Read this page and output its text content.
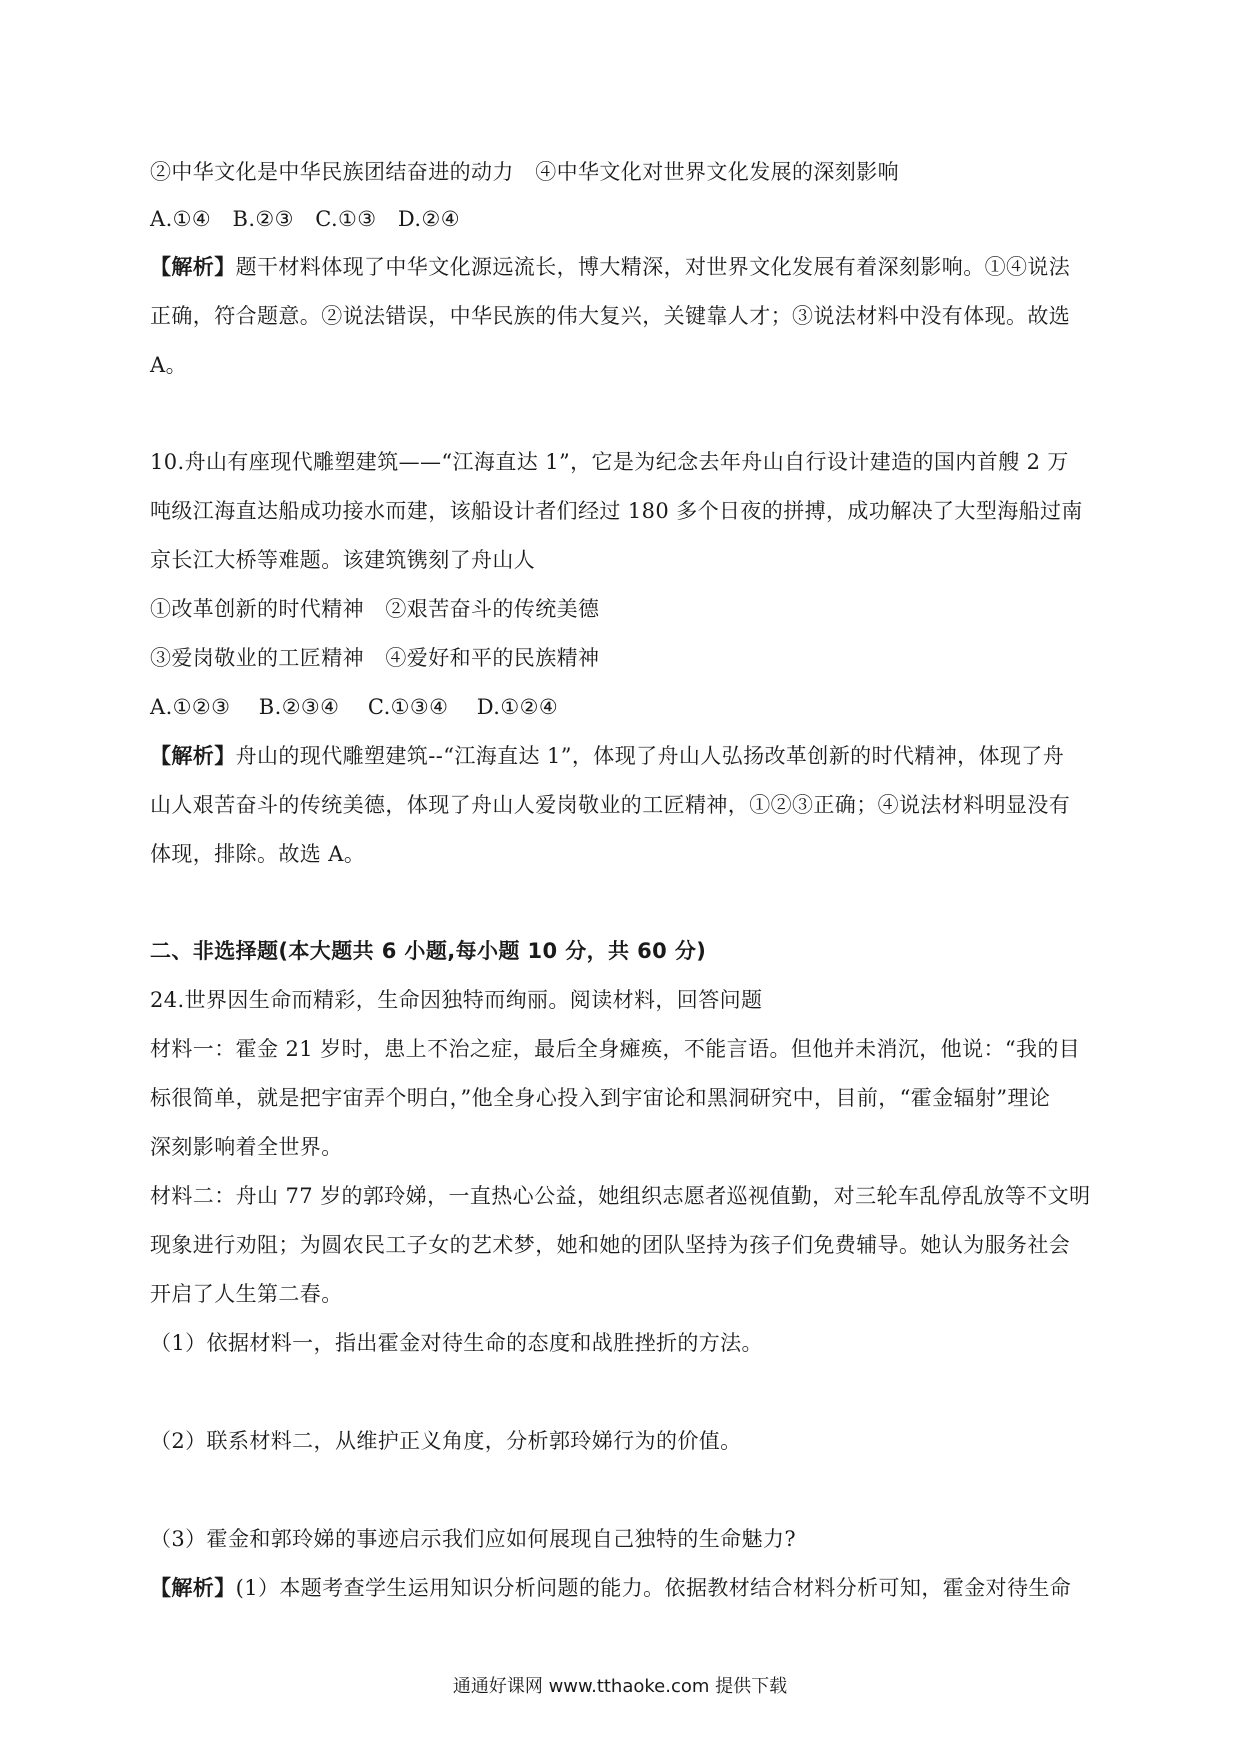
②中华文化是中华民族团结奋进的动力　④中华文化对世界文化发展的深刻影响
A.①④　B.②③　C.①③　D.②④
【解析】题干材料体现了中华文化源远流长，博大精深，对世界文化发展有着深刻影响。①④说法
正确，符合题意。②说法错误，中华民族的伟大复兴，关键靠人才；③说法材料中没有体现。故选
A。
10.舟山有座现代雕塑建筑——“江海直达 1”，它是为纪念去年舟山自行设计建造的国内首艘 2 万
吨级江海直达船成功接水而建，该船设计者们经过 180 多个日夜的拼搏，成功解决了大型海船过南
京长江大桥等难题。该建筑镌刻了舟山人
①改革创新的时代精神　②艰苦奋斗的传统美德
③爱岗敬业的工匠精神　④爱好和平的民族精神
A.①②③　 B.②③④　 C.①③④　 D.①②④
【解析】舟山的现代雕塑建筑--“江海直达 1”，体现了舟山人弘扬改革创新的时代精神，体现了舟
山人艰苦奋斗的传统美德，体现了舟山人爱岗敬业的工匠精神，①②③正确；④说法材料明显没有
体现，排除。故选 A。
二、非选择题(本大题共 6 小题,每小题 10 分，共 60 分)
24.世界因生命而精彩，生命因独特而绚丽。阅读材料，回答问题
材料一：霍金 21 岁时，患上不治之症，最后全身瘫痪，不能言语。但他并未消沉，他说：“我的目
标很简单，就是把宇宙弄个明白，”他全身心投入到宇宙论和黑洞研究中，目前，“霍金辐射”理论
深刻影响着全世界。
材料二：舟山 77 岁的郭玲娣，一直热心公益，她组织志愿者巡视值勤，对三轮车乱停乱放等不文明
现象进行劝阻；为圆农民工子女的艺术梦，她和她的团队坚持为孩子们免费辅导。她认为服务社会
开启了人生第二春。
（1）依据材料一，指出霍金对待生命的态度和战胜挫折的方法。
（2）联系材料二，从维护正义角度，分析郭玲娣行为的价值。
（3）霍金和郭玲娣的事迹启示我们应如何展现自己独特的生命魅力?
【解析】(1）本题考查学生运用知识分析问题的能力。依据教材结合材料分析可知，霍金对待生命
通通好课网 www.tthaoke.com 提供下载
